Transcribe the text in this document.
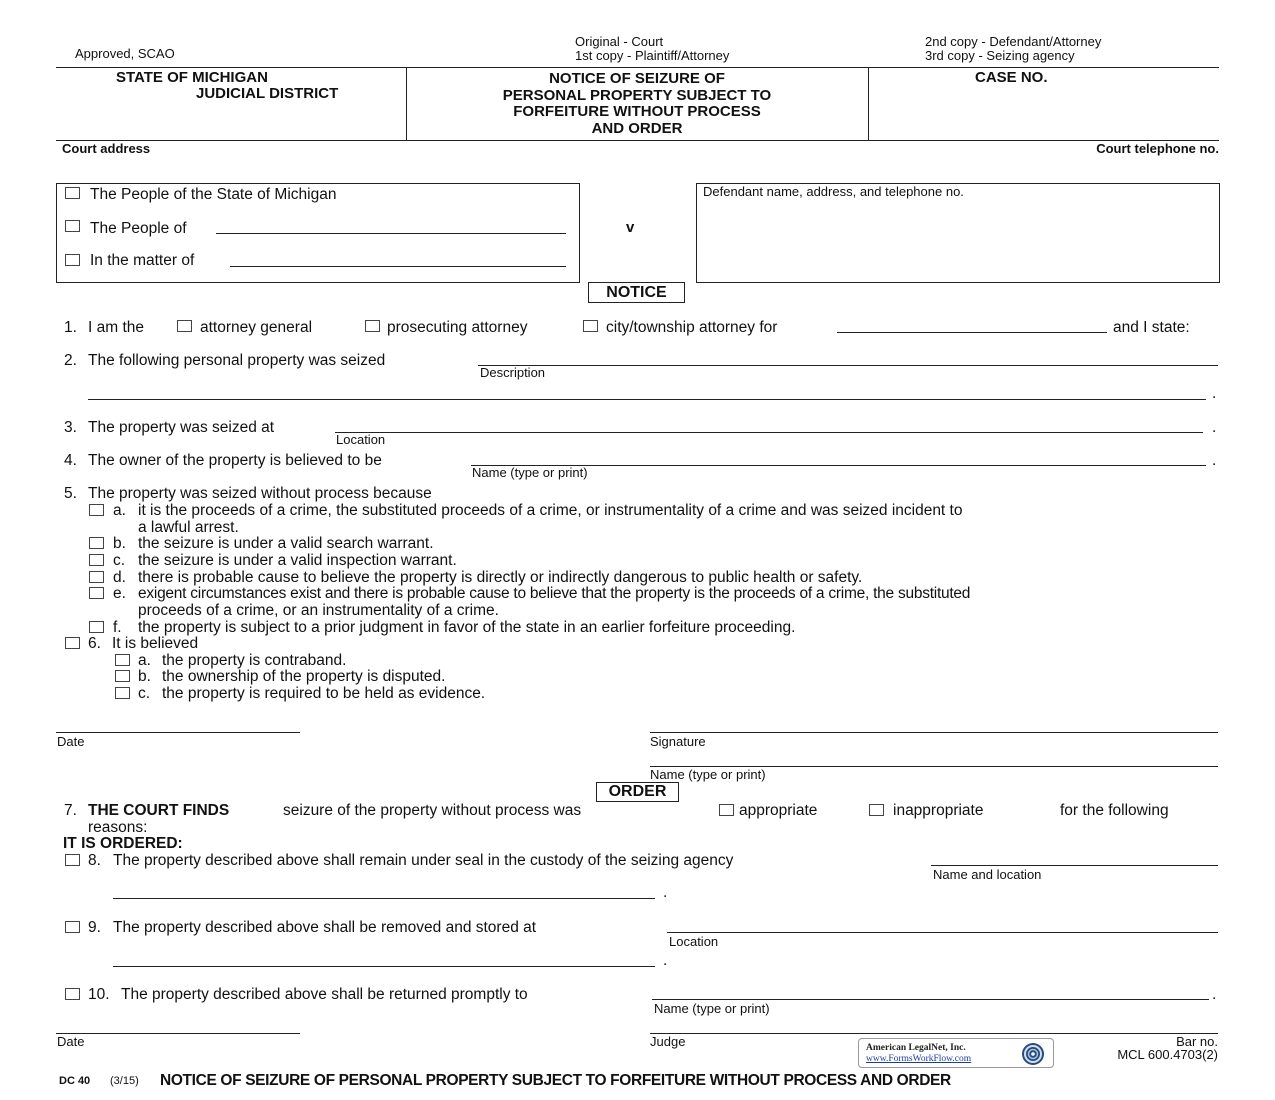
Approved, SCAO
Original - Court
1st copy - Plaintiff/Attorney
2nd copy - Defendant/Attorney
3rd copy - Seizing agency
STATE OF MICHIGAN
JUDICIAL DISTRICT
NOTICE OF SEIZURE OF
PERSONAL PROPERTY SUBJECT TO
FORFEITURE WITHOUT PROCESS
AND ORDER
CASE NO.
Court address	Court telephone no.
The People of the State of Michigan
The People of
In the matter of
v
Defendant name, address, and telephone no.
NOTICE
1. I am the	attorney general	prosecuting attorney	city/township attorney for	and I state:
2. The following personal property was seized
Description
.
3. The property was seized at
Location
.
4. The owner of the property is believed to be
Name (type or print)
.
5. The property was seized without process because
a. it is the proceeds of a crime, the substituted proceeds of a crime, or instrumentality of a crime and was seized incident to
a lawful arrest.
b. the seizure is under a valid search warrant.
c. the seizure is under a valid inspection warrant.
d. there is probable cause to believe the property is directly or indirectly dangerous to public health or safety.
e. exigent circumstances exist and there is probable cause to believe that the property is the proceeds of a crime, the substituted
proceeds of a crime, or an instrumentality of a crime.
f. the property is subject to a prior judgment in favor of the state in an earlier forfeiture proceeding.
6. It is believed
a. the property is contraband.
b. the ownership of the property is disputed.
c. the property is required to be held as evidence.
Date	Signature
Name (type or print)
ORDER
7. THE COURT FINDS	seizure of the property without process was	appropriate	inappropriate	for the following
reasons:
IT IS ORDERED:
8. The property described above shall remain under seal in the custody of the seizing agency
Name and location
.
9. The property described above shall be removed and stored at
Location
.
10. The property described above shall be returned promptly to
Name (type or print)
.
Date	Judge	Bar no.
MCL 600.4703(2)
American LegalNet, Inc.
www.FormsWorkFlow.com
DC 40 (3/15) NOTICE OF SEIZURE OF PERSONAL PROPERTY SUBJECT TO FORFEITURE WITHOUT PROCESS AND ORDER
